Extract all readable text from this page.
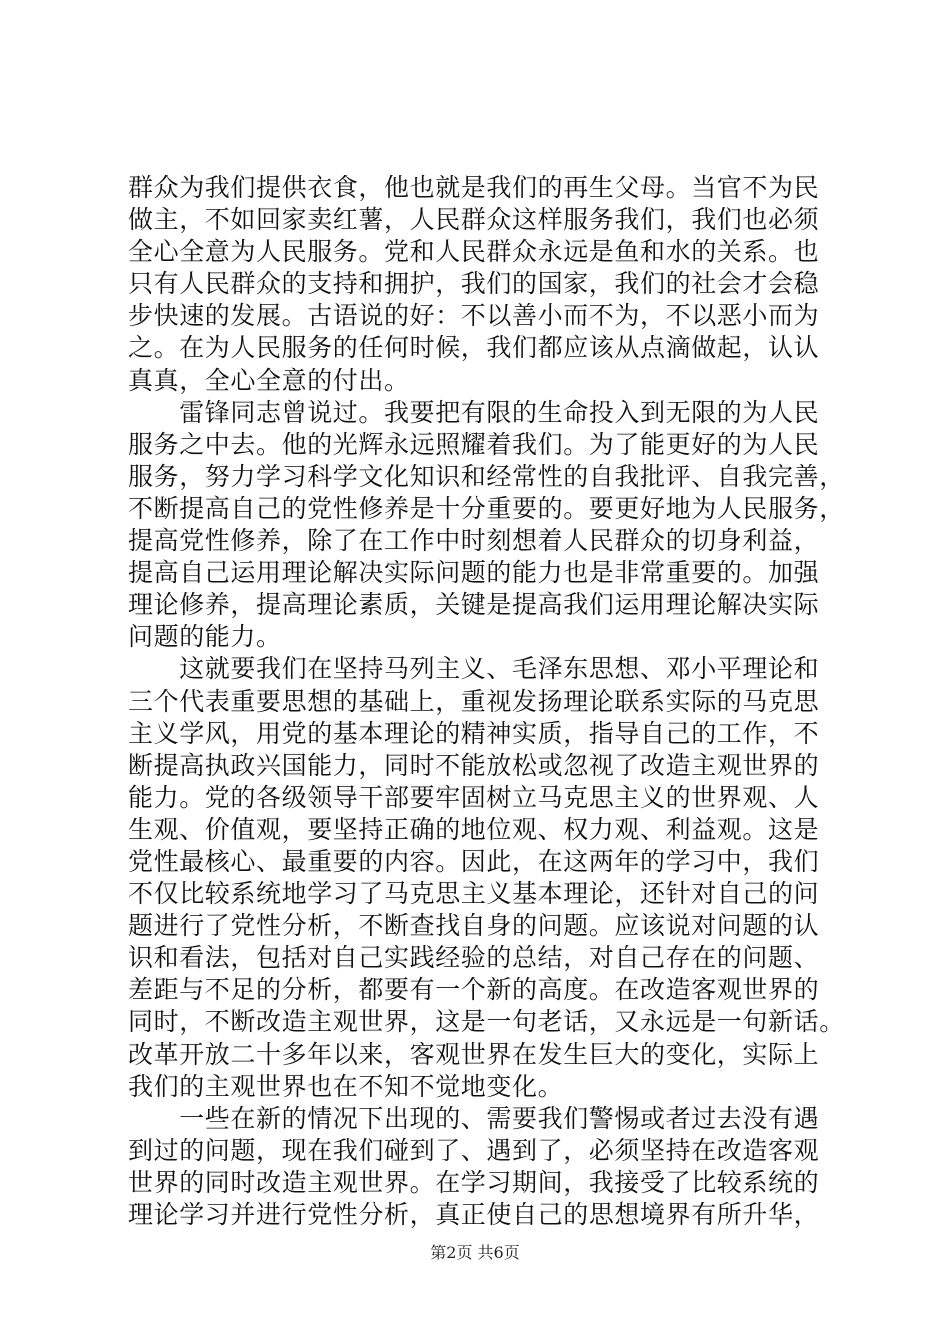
群众为我们提供衣食，他也就是我们的再生父母。当官不为民
做主，不如回家卖红薯，人民群众这样服务我们，我们也必须
全心全意为人民服务。党和人民群众永远是鱼和水的关系。也
只有人民群众的支持和拥护，我们的国家，我们的社会才会稳
步快速的发展。古语说的好：不以善小而不为，不以恶小而为
之。在为人民服务的任何时候，我们都应该从点滴做起，认认
真真，全心全意的付出。
　　雷锋同志曾说过。我要把有限的生命投入到无限的为人民
服务之中去。他的光辉永远照耀着我们。为了能更好的为人民
服务，努力学习科学文化知识和经常性的自我批评、自我完善，
不断提高自己的党性修养是十分重要的。要更好地为人民服务，
提高党性修养，除了在工作中时刻想着人民群众的切身利益，
提高自己运用理论解决实际问题的能力也是非常重要的。加强
理论修养，提高理论素质，关键是提高我们运用理论解决实际
问题的能力。
　　这就要我们在坚持马列主义、毛泽东思想、邓小平理论和
三个代表重要思想的基础上，重视发扬理论联系实际的马克思
主义学风，用党的基本理论的精神实质，指导自己的工作，不
断提高执政兴国能力，同时不能放松或忽视了改造主观世界的
能力。党的各级领导干部要牢固树立马克思主义的世界观、人
生观、价值观，要坚持正确的地位观、权力观、利益观。这是
党性最核心、最重要的内容。因此，在这两年的学习中，我们
不仅比较系统地学习了马克思主义基本理论，还针对自己的问
题进行了党性分析，不断查找自身的问题。应该说对问题的认
识和看法，包括对自己实践经验的总结，对自己存在的问题、
差距与不足的分析，都要有一个新的高度。在改造客观世界的
同时，不断改造主观世界，这是一句老话，又永远是一句新话。
改革开放二十多年以来，客观世界在发生巨大的变化，实际上
我们的主观世界也在不知不觉地变化。
　　一些在新的情况下出现的、需要我们警惕或者过去没有遇
到过的问题，现在我们碰到了、遇到了，必须坚持在改造客观
世界的同时改造主观世界。在学习期间，我接受了比较系统的
理论学习并进行党性分析，真正使自己的思想境界有所升华，
第2页 共6页
